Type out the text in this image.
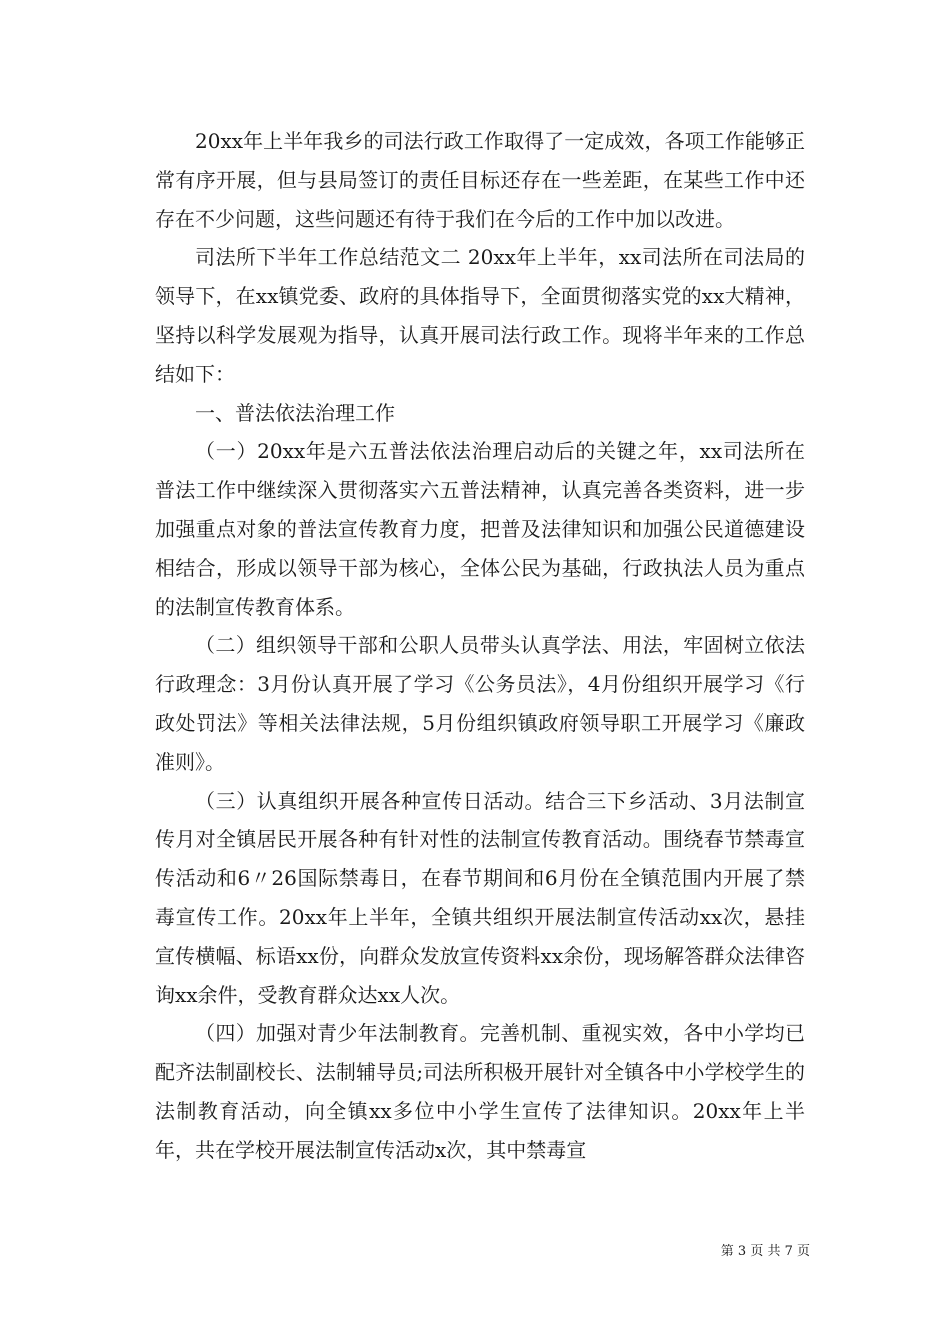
20xx年上半年我乡的司法行政工作取得了一定成效，各项工作能够正常有序开展，但与县局签订的责任目标还存在一些差距，在某些工作中还存在不少问题，这些问题还有待于我们在今后的工作中加以改进。

司法所下半年工作总结范文二 20xx年上半年，xx司法所在司法局的领导下，在xx镇党委、政府的具体指导下，全面贯彻落实党的xx大精神，坚持以科学发展观为指导，认真开展司法行政工作。现将半年来的工作总结如下：

一、普法依法治理工作

（一）20xx年是六五普法依法治理启动后的关键之年，xx司法所在普法工作中继续深入贯彻落实六五普法精神，认真完善各类资料，进一步加强重点对象的普法宣传教育力度，把普及法律知识和加强公民道德建设相结合，形成以领导干部为核心，全体公民为基础，行政执法人员为重点的法制宣传教育体系。

（二）组织领导干部和公职人员带头认真学法、用法，牢固树立依法行政理念：3月份认真开展了学习《公务员法》，4月份组织开展学习《行政处罚法》等相关法律法规，5月份组织镇政府领导职工开展学习《廉政准则》。

（三）认真组织开展各种宣传日活动。结合三下乡活动、3月法制宣传月对全镇居民开展各种有针对性的法制宣传教育活动。围绕春节禁毒宣传活动和6〃26国际禁毒日，在春节期间和6月份在全镇范围内开展了禁毒宣传工作。20xx年上半年，全镇共组织开展法制宣传活动xx次，悬挂宣传横幅、标语xx份，向群众发放宣传资料xx余份，现场解答群众法律咨询xx余件，受教育群众达xx人次。

（四）加强对青少年法制教育。完善机制、重视实效，各中小学均已配齐法制副校长、法制辅导员;司法所积极开展针对全镇各中小学校学生的法制教育活动，向全镇xx多位中小学生宣传了法律知识。20xx年上半年，共在学校开展法制宣传活动x次，其中禁毒宣

第 3 页 共 7 页
